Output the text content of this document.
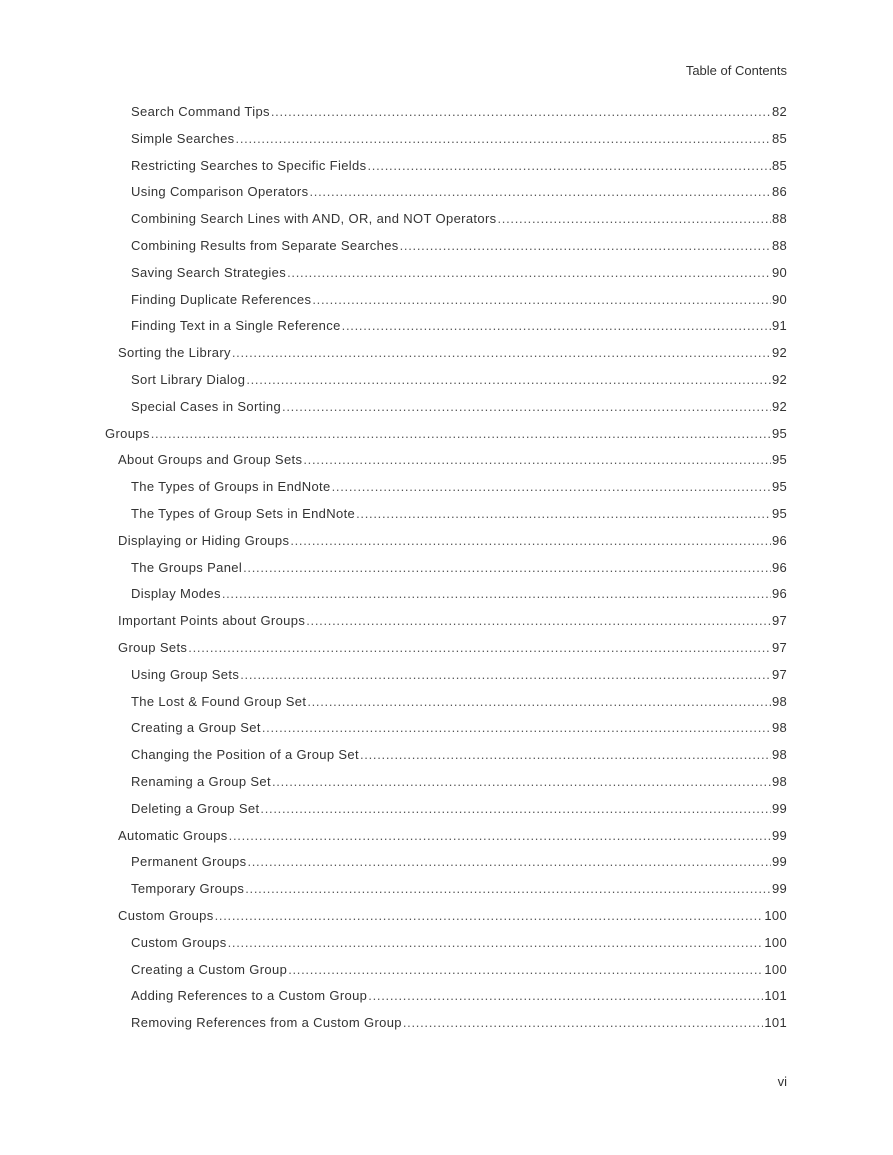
Table of Contents
Search Command Tips .....	82
Simple Searches .....	85
Restricting Searches to Specific Fields .....	85
Using Comparison Operators .....	86
Combining Search Lines with AND, OR, and NOT Operators .....	88
Combining Results from Separate Searches .....	88
Saving Search Strategies .....	90
Finding Duplicate References .....	90
Finding Text in a Single Reference .....	91
Sorting the Library .....	92
Sort Library Dialog .....	92
Special Cases in Sorting .....	92
Groups .....	95
About Groups and Group Sets .....	95
The Types of Groups in EndNote .....	95
The Types of Group Sets in EndNote .....	95
Displaying or Hiding Groups .....	96
The Groups Panel .....	96
Display Modes .....	96
Important Points about Groups .....	97
Group Sets .....	97
Using Group Sets .....	97
The Lost & Found Group Set .....	98
Creating a Group Set .....	98
Changing the Position of a Group Set .....	98
Renaming a Group Set .....	98
Deleting a Group Set .....	99
Automatic Groups .....	99
Permanent Groups .....	99
Temporary Groups .....	99
Custom Groups .....	100
Custom Groups .....	100
Creating a Custom Group .....	100
Adding References to a Custom Group .....	101
Removing References from a Custom Group .....	101
vi
